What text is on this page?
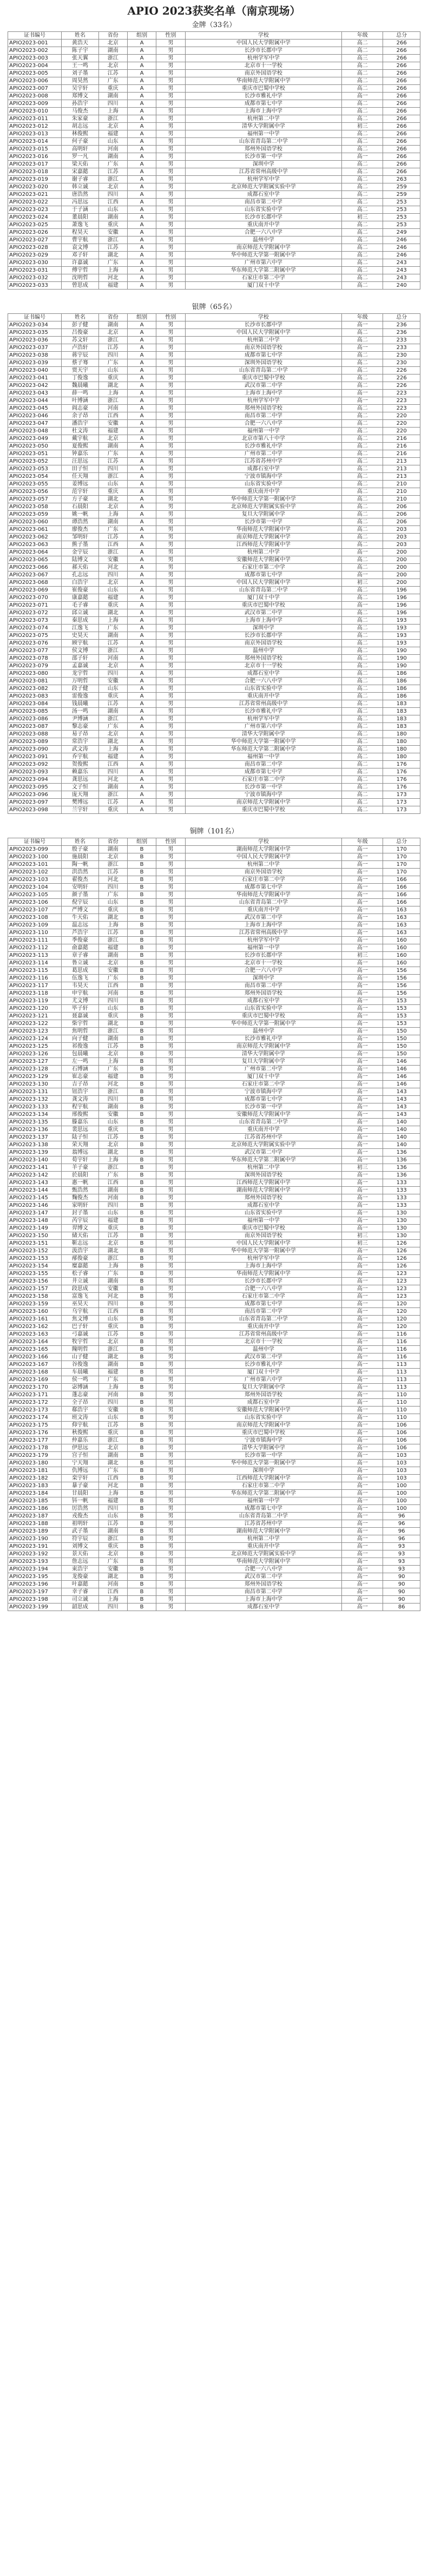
APIO 2023获奖名单（南京现场）
金牌（33名）
证书编号	姓名	省份	组别	性别	学校	年级	总分
APIO2023-001	黄浩天	北京	A	男	中国人民大学附属中学	高二	266
APIO2023-002	陈子宇	湖南	A	男	长沙市长郡中学	高二	266
APIO2023-003	张天翼	浙江	A	男	杭州学军中学	高三	266
APIO2023-004	王一鸣	北京	A	男	北京市十一学校	高二	266
APIO2023-005	刘子墨	江苏	A	男	南京外国语学校	高二	266
APIO2023-006	周昊然	广东	A	男	华南师范大学附属中学	高二	266
APIO2023-007	吴宇轩	重庆	A	男	重庆市巴蜀中学校	高二	266
APIO2023-008	郑博文	湖南	A	男	长沙市雅礼中学	高一	266
APIO2023-009	孙浩宇	四川	A	男	成都市第七中学	高二	266
APIO2023-010	马俊杰	上海	A	男	上海市上海中学	高二	266
APIO2023-011	朱家豪	浙江	A	男	杭州第二中学	高二	266
APIO2023-012	胡志远	北京	A	男	清华大学附属中学	初三	266
APIO2023-013	林俊熙	福建	A	男	福州第一中学	高二	266
APIO2023-014	何子豪	山东	A	男	山东省青岛第二中学	高二	266
APIO2023-015	高明轩	河南	A	男	郑州外国语学校	高二	266
APIO2023-016	罗一凡	湖南	A	男	长沙市第一中学	高一	266
APIO2023-017	梁天佑	广东	A	男	深圳中学	高二	266
APIO2023-018	宋嘉懿	江苏	A	男	江苏省常州高级中学	高二	266
APIO2023-019	谢子睿	浙江	A	男	杭州学军中学	高二	263
APIO2023-020	韩立诚	北京	A	男	北京师范大学附属实验中学	高二	259
APIO2023-021	唐浩然	四川	A	男	成都石室中学	高二	259
APIO2023-022	冯思远	江西	A	男	南昌市第二中学	高二	253
APIO2023-023	于子涵	山东	A	男	山东省实验中学	高二	253
APIO2023-024	董晨阳	湖南	A	男	长沙市长郡中学	初三	253
APIO2023-025	萧逸飞	重庆	A	男	重庆南开中学	高二	253
APIO2023-026	程昊天	安徽	A	男	合肥一六八中学	高二	249
APIO2023-027	曹宇航	浙江	A	男	温州中学	高二	246
APIO2023-028	袁文博	江苏	A	男	南京师范大学附属中学	高二	246
APIO2023-029	邓子轩	湖北	A	男	华中师范大学第一附属中学	高二	246
APIO2023-030	许嘉诚	广东	A	男	广州市第六中学	高二	243
APIO2023-031	傅宇哲	上海	A	男	华东师范大学第二附属中学	高二	243
APIO2023-032	沈明哲	河北	A	男	石家庄市第二中学	高二	243
APIO2023-033	曾思成	福建	A	男	厦门双十中学	高二	240
银牌（65名）
证书编号	姓名	省份	组别	性别	学校	年级	总分
APIO2023-034	彭子健	湖南	A	男	长沙市长郡中学	高一	236
APIO2023-035	吕俊豪	北京	A	男	中国人民大学附属中学	高二	236
APIO2023-036	苏文轩	浙江	A	男	杭州第二中学	高二	233
APIO2023-037	卢浩轩	江苏	A	男	南京外国语学校	高一	233
APIO2023-038	蒋宇辰	四川	A	男	成都市第七中学	高二	230
APIO2023-039	蔡子骞	广东	A	男	深圳外国语学校	高二	230
APIO2023-040	贾天宇	山东	A	男	山东省青岛第二中学	高二	226
APIO2023-041	丁俊逸	重庆	A	男	重庆市巴蜀中学校	高二	226
APIO2023-042	魏晨曦	湖北	A	男	武汉市第二中学	高二	226
APIO2023-043	薛一鸣	上海	A	男	上海市上海中学	高一	223
APIO2023-044	叶博涵	浙江	A	男	杭州学军中学	高一	223
APIO2023-045	阎志豪	河南	A	男	郑州外国语学校	高二	223
APIO2023-046	余子昂	江西	A	男	南昌市第二中学	高二	220
APIO2023-047	潘浩宇	安徽	A	男	合肥一六八中学	高二	220
APIO2023-048	杜文涛	福建	A	男	福州第一中学	高二	220
APIO2023-049	戴宇航	北京	A	男	北京市第八十中学	高二	216
APIO2023-050	夏俊熙	湖南	A	男	长沙市雅礼中学	高二	216
APIO2023-051	钟嘉乐	广东	A	男	广州市第二中学	高二	216
APIO2023-052	汪思远	江苏	A	男	江苏省苏州中学	高二	213
APIO2023-053	田子恒	四川	A	男	成都石室中学	高二	213
APIO2023-054	任天翔	浙江	A	男	宁波市镇海中学	高二	213
APIO2023-055	姜博远	山东	A	男	山东省实验中学	高二	210
APIO2023-056	范宇轩	重庆	A	男	重庆南开中学	高二	210
APIO2023-057	方子豪	湖北	A	男	华中师范大学第一附属中学	高二	210
APIO2023-058	石晨阳	北京	A	男	北京师范大学附属实验中学	高二	206
APIO2023-059	姚一帆	上海	A	男	复旦大学附属中学	高二	206
APIO2023-060	谭浩然	湖南	A	男	长沙市第一中学	高二	206
APIO2023-061	廖俊杰	广东	A	男	华南师范大学附属中学	高二	203
APIO2023-062	邹明轩	江苏	A	男	南京师范大学附属中学	高二	203
APIO2023-063	熊子墨	江西	A	男	江西师范大学附属中学	高二	203
APIO2023-064	金宇辰	浙江	A	男	杭州第二中学	高一	200
APIO2023-065	陆博文	安徽	A	男	安徽师范大学附属中学	高二	200
APIO2023-066	郝天佑	河北	A	男	石家庄市第二中学	高二	200
APIO2023-067	孔志远	四川	A	男	成都市第七中学	高一	200
APIO2023-068	白浩宇	北京	A	男	中国人民大学附属中学	初三	200
APIO2023-069	崔俊豪	山东	A	男	山东省青岛第二中学	高二	196
APIO2023-070	康嘉懿	福建	A	男	厦门双十中学	高二	196
APIO2023-071	毛子睿	重庆	A	男	重庆市巴蜀中学校	高一	196
APIO2023-072	邱立诚	湖北	A	男	武汉市第二中学	高二	196
APIO2023-073	秦思成	上海	A	男	上海市上海中学	高二	193
APIO2023-074	江逸飞	广东	A	男	深圳中学	高二	193
APIO2023-075	史昊天	湖南	A	男	长沙市长郡中学	高二	193
APIO2023-076	顾宇航	江苏	A	男	南京外国语学校	高二	193
APIO2023-077	侯文博	浙江	A	男	温州中学	高二	190
APIO2023-078	邵子轩	河南	A	男	郑州外国语学校	高二	190
APIO2023-079	孟嘉诚	北京	A	男	北京市十一学校	高二	190
APIO2023-080	龙宇哲	四川	A	男	成都石室中学	高二	186
APIO2023-081	万明哲	安徽	A	男	合肥一六八中学	高二	186
APIO2023-082	段子健	山东	A	男	山东省实验中学	高二	186
APIO2023-083	雷俊逸	重庆	A	男	重庆南开中学	高二	186
APIO2023-084	钱晨曦	江苏	A	男	江苏省常州高级中学	高二	183
APIO2023-085	汤一鸣	湖南	A	男	长沙市雅礼中学	高二	183
APIO2023-086	尹博涵	浙江	A	男	杭州学军中学	高二	183
APIO2023-087	黎志豪	广东	A	男	广州市第六中学	高二	183
APIO2023-088	易子昂	北京	A	男	清华大学附属中学	高二	180
APIO2023-089	常浩宇	湖北	A	男	华中师范大学第一附属中学	高二	180
APIO2023-090	武文涛	上海	A	男	华东师范大学第二附属中学	高二	180
APIO2023-091	乔宇航	福建	A	男	福州第一中学	高二	180
APIO2023-092	贺俊熙	江西	A	男	南昌市第二中学	高二	176
APIO2023-093	赖嘉乐	四川	A	男	成都市第七中学	高二	176
APIO2023-094	龚思远	河北	A	男	石家庄市第二中学	高二	176
APIO2023-095	文子恒	湖南	A	男	长沙市第一中学	高二	176
APIO2023-096	庞天翔	浙江	A	男	宁波市镇海中学	高二	173
APIO2023-097	樊博远	江苏	A	男	南京师范大学附属中学	高二	173
APIO2023-098	兰宇轩	重庆	A	男	重庆市巴蜀中学校	高二	173
铜牌（101名）
证书编号	姓名	省份	组别	性别	学校	年级	总分
APIO2023-099	殷子豪	湖南	B	男	湖南师范大学附属中学	高一	170
APIO2023-100	施晨阳	北京	B	男	中国人民大学附属中学	高一	170
APIO2023-101	陶一帆	浙江	B	男	杭州第二中学	高一	170
APIO2023-102	洪浩然	江苏	B	男	南京外国语学校	高一	170
APIO2023-103	翟俊杰	河北	B	男	石家庄市第二中学	高一	166
APIO2023-104	安明轩	四川	B	男	成都市第七中学	高一	166
APIO2023-105	颜子墨	广东	B	男	华南师范大学附属中学	高一	166
APIO2023-106	倪宇辰	山东	B	男	山东省青岛第二中学	高一	166
APIO2023-107	严博文	重庆	B	男	重庆南开中学	高一	163
APIO2023-108	牛天佑	湖北	B	男	武汉市第二中学	高一	163
APIO2023-109	温志远	上海	B	男	上海市上海中学	高一	163
APIO2023-110	芦浩宇	江苏	B	男	江苏省常州高级中学	高一	163
APIO2023-111	季俊豪	浙江	B	男	杭州学军中学	高一	160
APIO2023-112	俞嘉懿	福建	B	男	福州第一中学	高一	160
APIO2023-113	章子睿	湖南	B	男	长沙市长郡中学	初三	160
APIO2023-114	鲁立诚	北京	B	男	北京市十一学校	高一	160
APIO2023-115	葛思成	安徽	B	男	合肥一六八中学	高一	156
APIO2023-116	伍逸飞	广东	B	男	深圳中学	高一	156
APIO2023-117	韦昊天	江西	B	男	南昌市第二中学	高一	156
APIO2023-118	申宇航	河南	B	男	郑州外国语学校	高一	156
APIO2023-119	尤文博	四川	B	男	成都石室中学	高一	153
APIO2023-120	毕子轩	山东	B	男	山东省实验中学	高一	153
APIO2023-121	聂嘉诚	重庆	B	男	重庆市巴蜀中学校	高一	153
APIO2023-122	柴宇哲	湖北	B	男	华中师范大学第一附属中学	高一	153
APIO2023-123	焦明哲	浙江	B	男	温州中学	高一	150
APIO2023-124	向子健	湖南	B	男	长沙市雅礼中学	高一	150
APIO2023-125	祁俊逸	江苏	B	男	南京师范大学附属中学	高一	150
APIO2023-126	包晨曦	北京	B	男	清华大学附属中学	高一	150
APIO2023-127	左一鸣	上海	B	男	复旦大学附属中学	高一	146
APIO2023-128	石博涵	广东	B	男	广州市第二中学	高一	146
APIO2023-129	崔志豪	福建	B	男	厦门双十中学	高一	146
APIO2023-130	吉子昂	河北	B	男	石家庄市第二中学	高一	146
APIO2023-131	钮浩宇	浙江	B	男	宁波市镇海中学	高一	143
APIO2023-132	龚文涛	四川	B	男	成都市第七中学	高一	143
APIO2023-133	程宇航	湖南	B	男	长沙市第一中学	高一	143
APIO2023-134	邢俊熙	安徽	B	男	安徽师范大学附属中学	高一	143
APIO2023-135	滕嘉乐	山东	B	男	山东省青岛第二中学	高一	140
APIO2023-136	裴思远	重庆	B	男	重庆南开中学	高一	140
APIO2023-137	陆子恒	江苏	B	男	江苏省苏州中学	高一	140
APIO2023-138	荣天翔	北京	B	男	北京师范大学附属实验中学	高一	140
APIO2023-139	翁博远	湖北	B	男	武汉市第二中学	高一	136
APIO2023-140	荀宇轩	上海	B	男	华东师范大学第二附属中学	高一	136
APIO2023-141	羊子豪	浙江	B	男	杭州第二中学	初三	136
APIO2023-142	於晨阳	广东	B	男	深圳外国语学校	高一	136
APIO2023-143	惠一帆	江西	B	男	江西师范大学附属中学	高一	133
APIO2023-144	甄浩然	湖南	B	男	湖南师范大学附属中学	高一	133
APIO2023-145	麴俊杰	河南	B	男	郑州外国语学校	高一	133
APIO2023-146	家明轩	四川	B	男	成都石室中学	高一	133
APIO2023-147	封子墨	山东	B	男	山东省实验中学	高一	130
APIO2023-148	芮宇辰	福建	B	男	福州第一中学	高一	130
APIO2023-149	羿博文	重庆	B	男	重庆市巴蜀中学校	高一	130
APIO2023-150	储天佑	江苏	B	男	南京外国语学校	初三	130
APIO2023-151	靳志远	北京	B	男	中国人民大学附属中学	初三	126
APIO2023-152	汲浩宇	湖北	B	男	华中师范大学第一附属中学	高一	126
APIO2023-153	邴俊豪	浙江	B	男	杭州学军中学	高一	126
APIO2023-154	糜嘉懿	上海	B	男	上海市上海中学	高一	126
APIO2023-155	松子睿	广东	B	男	华南师范大学附属中学	高一	123
APIO2023-156	井立诚	湖南	B	男	长沙市长郡中学	高一	123
APIO2023-157	段思成	安徽	B	男	合肥一六八中学	高一	123
APIO2023-158	富逸飞	河北	B	男	石家庄市第二中学	高一	123
APIO2023-159	巫昊天	四川	B	男	成都市第七中学	高一	120
APIO2023-160	乌宇航	江西	B	男	南昌市第二中学	高一	120
APIO2023-161	焦文博	山东	B	男	山东省青岛第二中学	高一	120
APIO2023-162	巴子轩	重庆	B	男	重庆南开中学	高一	120
APIO2023-163	弓嘉诚	江苏	B	男	江苏省常州高级中学	高一	116
APIO2023-164	牧宇哲	北京	B	男	北京市十一学校	高一	116
APIO2023-165	隗明哲	浙江	B	男	温州中学	高一	116
APIO2023-166	山子健	湖北	B	男	武汉市第二中学	高一	116
APIO2023-167	谷俊逸	湖南	B	男	长沙市雅礼中学	高一	113
APIO2023-168	车晨曦	福建	B	男	厦门双十中学	高一	113
APIO2023-169	侯一鸣	广东	B	男	广州市第六中学	高一	113
APIO2023-170	宓博涵	上海	B	男	复旦大学附属中学	高一	113
APIO2023-171	蓬志豪	河南	B	男	郑州外国语学校	高一	110
APIO2023-172	全子昂	四川	B	男	成都石室中学	高一	110
APIO2023-173	郗浩宇	安徽	B	男	安徽师范大学附属中学	高一	110
APIO2023-174	班文涛	山东	B	男	山东省实验中学	高一	110
APIO2023-175	仰宇航	江苏	B	男	南京师范大学附属中学	高一	106
APIO2023-176	秋俊熙	重庆	B	男	重庆市巴蜀中学校	高一	106
APIO2023-177	仲嘉乐	浙江	B	男	宁波市镇海中学	高一	106
APIO2023-178	伊思远	北京	B	男	清华大学附属中学	高一	106
APIO2023-179	宫子恒	湖南	B	男	长沙市第一中学	高一	103
APIO2023-180	宁天翔	湖北	B	男	华中师范大学第一附属中学	高一	103
APIO2023-181	仇博远	广东	B	男	深圳中学	高一	103
APIO2023-182	栾宇轩	江西	B	男	江西师范大学附属中学	高一	103
APIO2023-183	暴子豪	河北	B	男	石家庄市第二中学	高一	100
APIO2023-184	甘晨阳	上海	B	男	华东师范大学第二附属中学	高一	100
APIO2023-185	钭一帆	福建	B	男	福州第一中学	高一	100
APIO2023-186	厉浩然	四川	B	男	成都市第七中学	高一	100
APIO2023-187	戎俊杰	山东	B	男	山东省青岛第二中学	高一	96
APIO2023-188	祖明轩	江苏	B	男	江苏省苏州中学	高一	96
APIO2023-189	武子墨	湖南	B	男	湖南师范大学附属中学	高一	96
APIO2023-190	符宇辰	浙江	B	男	杭州第二中学	高一	96
APIO2023-191	刘博文	重庆	B	男	重庆南开中学	高一	93
APIO2023-192	景天佑	北京	B	男	北京师范大学附属实验中学	高一	93
APIO2023-193	詹志远	广东	B	男	华南师范大学附属中学	高一	93
APIO2023-194	束浩宇	安徽	B	男	合肥一六八中学	高一	93
APIO2023-195	龙俊豪	湖北	B	男	武汉市第二中学	高一	90
APIO2023-196	叶嘉懿	河南	B	男	郑州外国语学校	高一	90
APIO2023-197	幸子睿	江西	B	男	南昌市第二中学	高一	90
APIO2023-198	司立诚	上海	B	男	上海市上海中学	高一	90
APIO2023-199	韶思成	四川	B	男	成都石室中学	高一	86
